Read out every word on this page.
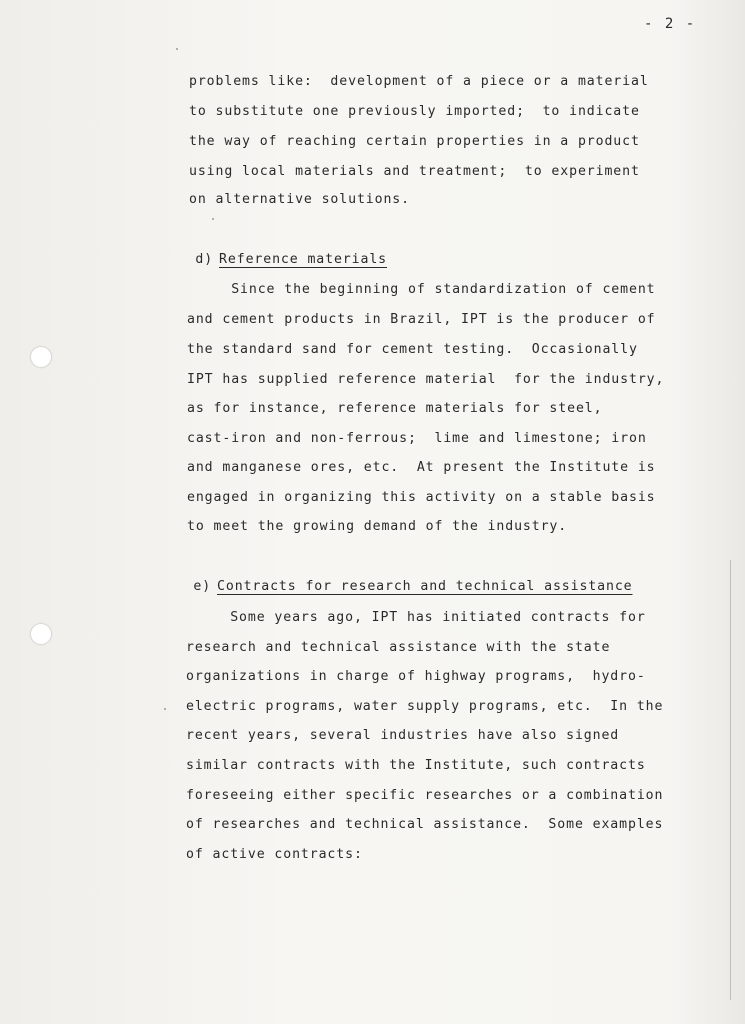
- 2 -
problems like:  development of a piece or a material
to substitute one previously imported;  to indicate
the way of reaching certain properties in a product
using local materials and treatment;  to experiment
on alternative solutions.

d) Reference materials

Since the beginning of standardization of cement
and cement products in Brazil, IPT is the producer of
the standard sand for cement testing.  Occasionally
IPT has supplied reference material  for the industry,
as for instance, reference materials for steel,
cast-iron and non-ferrous;  lime and limestone; iron
and manganese ores, etc.  At present the Institute is
engaged in organizing this activity on a stable basis
to meet the growing demand of the industry.

e) Contracts for research and technical assistance

Some years ago, IPT has initiated contracts for
research and technical assistance with the state
organizations in charge of highway programs,  hydro-
electric programs, water supply programs, etc.  In the
recent years, several industries have also signed
similar contracts with the Institute, such contracts
foreseeing either specific researches or a combination
of researches and technical assistance.  Some examples
of active contracts:
